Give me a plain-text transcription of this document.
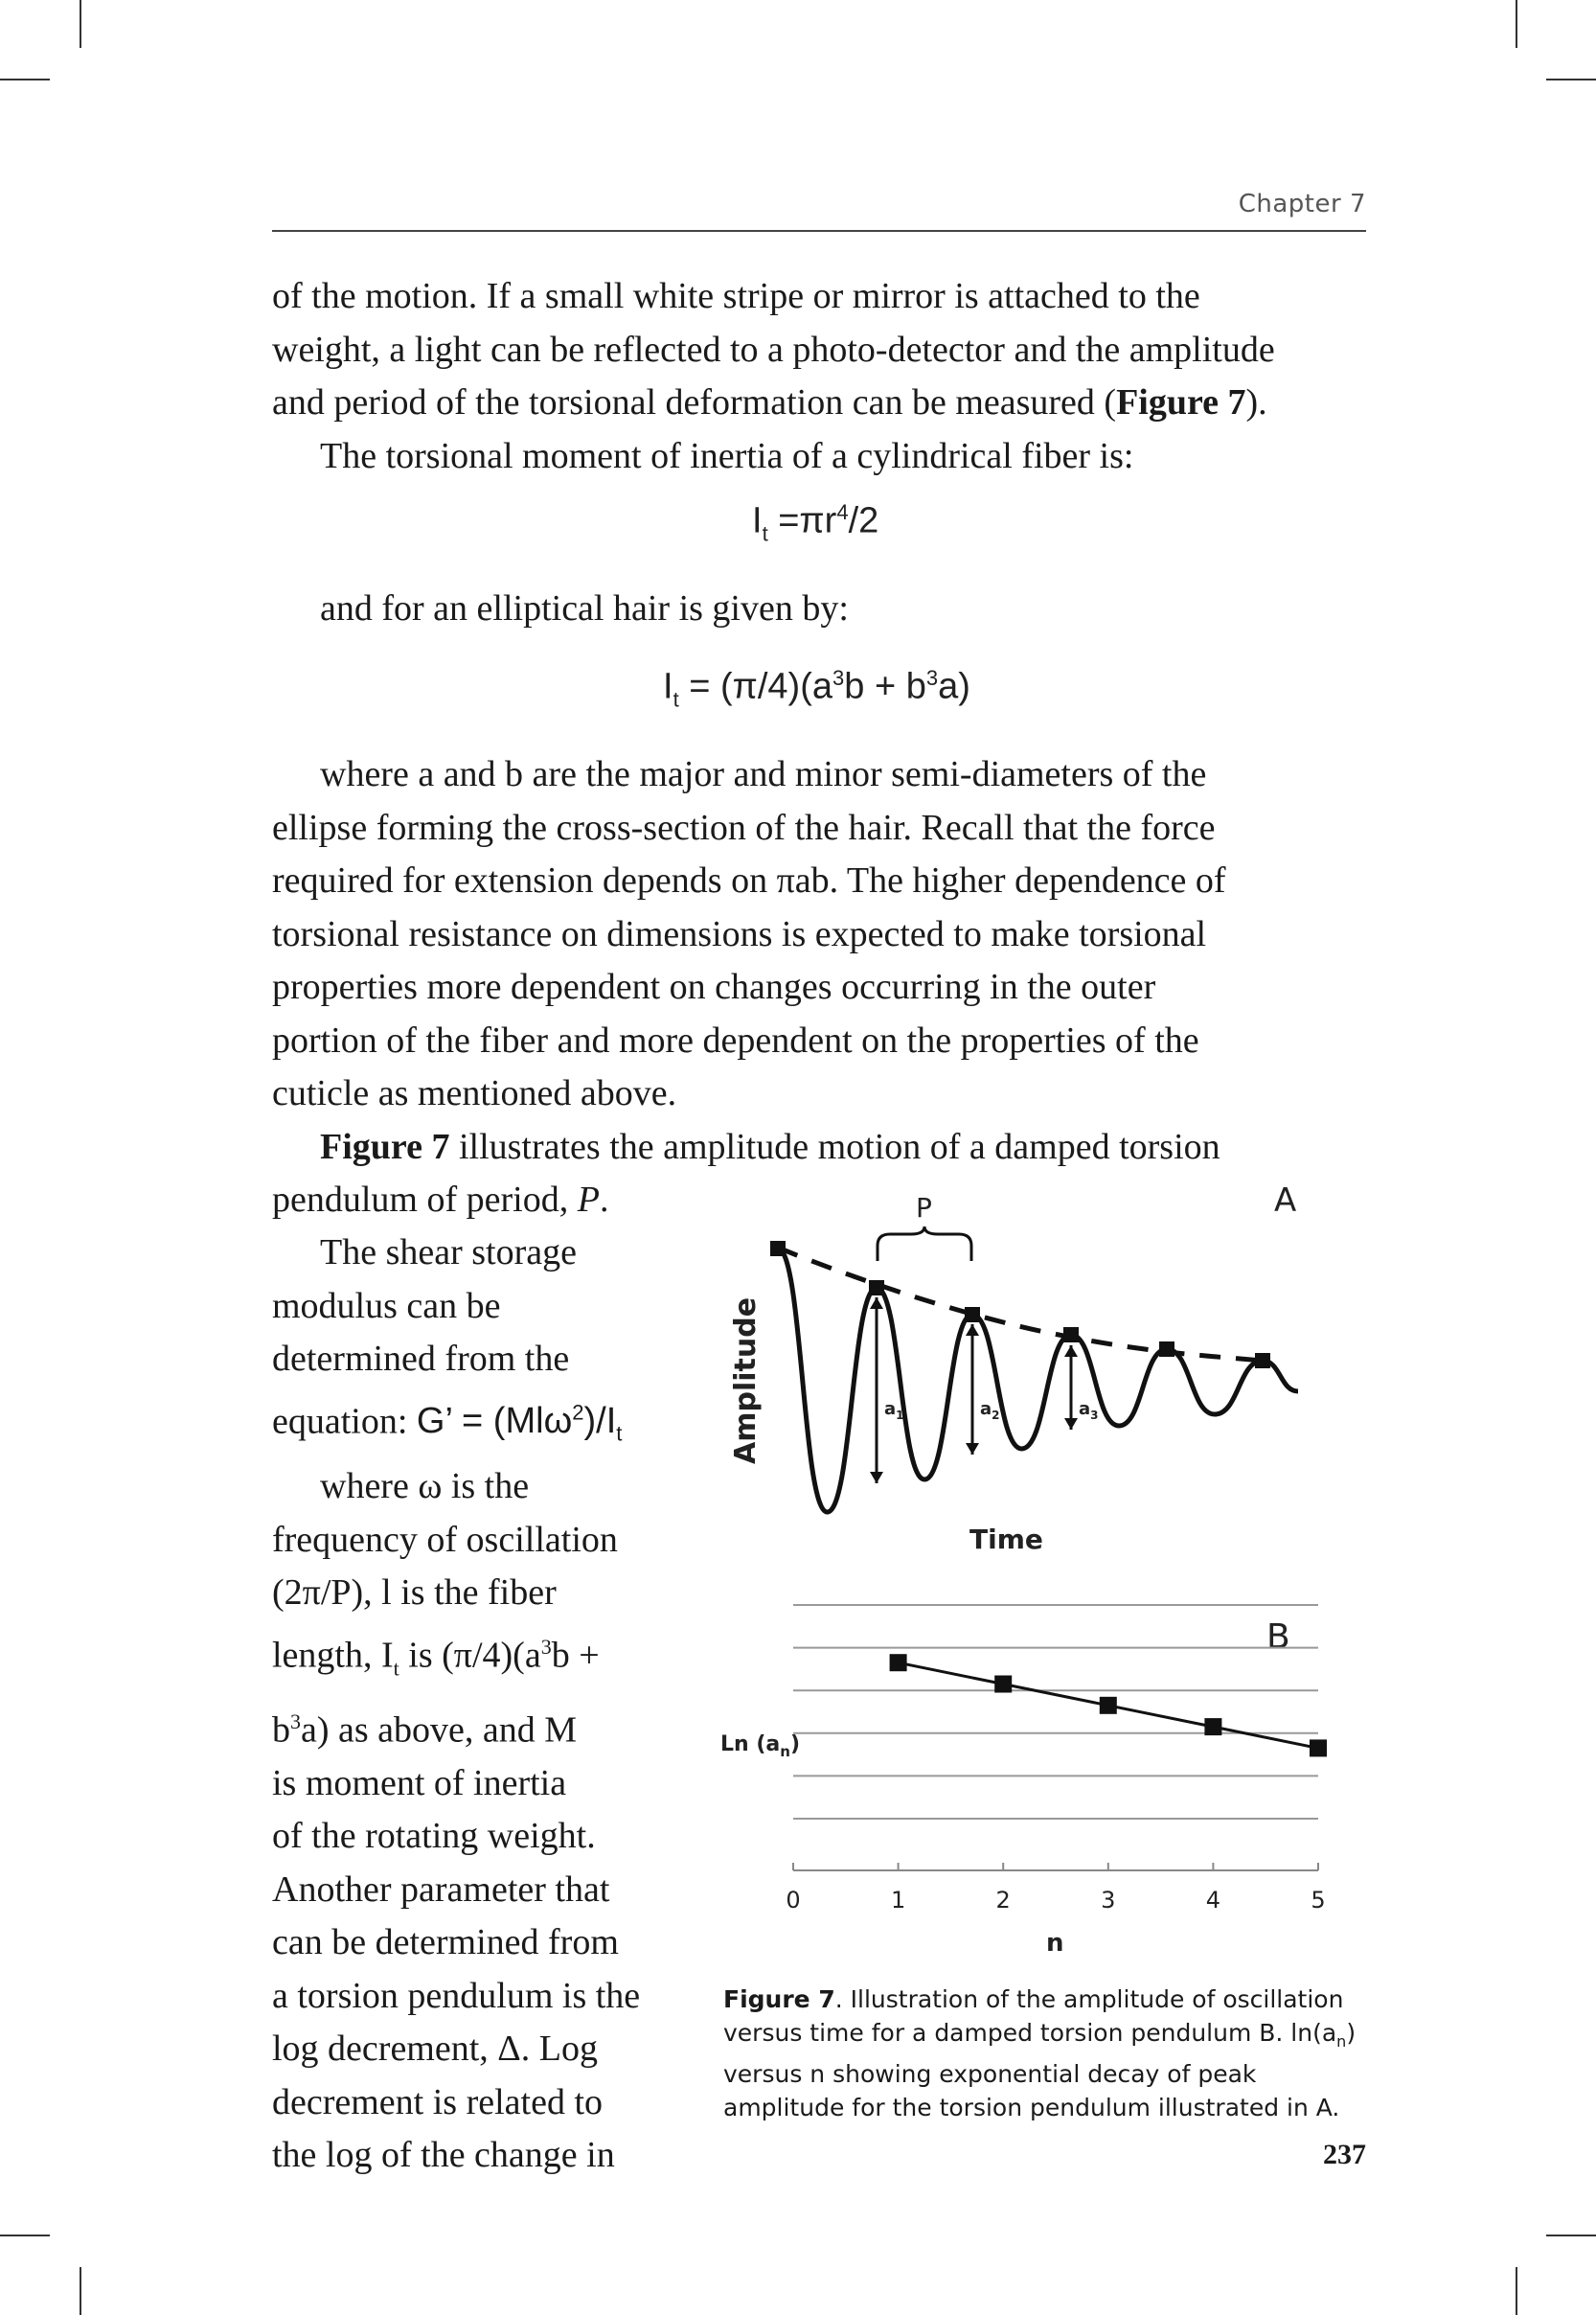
Chapter 7
of the motion. If a small white stripe or mirror is attached to the
weight, a light can be reflected to a photo-detector and the amplitude
and period of the torsional deformation can be measured (Figure 7).
The torsional moment of inertia of a cylindrical fiber is:
$I_t =\pi r^4/2$
and for an elliptical hair is given by:
$I_t = (\pi/4)(a^3b + b^3a)$
where a and b are the major and minor semi-diameters of the
ellipse forming the cross-section of the hair. Recall that the force
required for extension depends on πab. The higher dependence of
torsional resistance on dimensions is expected to make torsional
properties more dependent on changes occurring in the outer
portion of the fiber and more dependent on the properties of the
cuticle as mentioned above.
Figure 7 illustrates the amplitude motion of a damped torsion
pendulum of period, P.
The shear storage
modulus can be
determined from the
equation: G’ = $(Ml\omega^2)/I_t$
where ω is the
frequency of oscillation
(2π/P), l is the fiber
length, $I_t$ is $(\pi/4)(a^3b$ +
$b^3a$) as above, and M
is moment of inertia
of the rotating weight.
Another parameter that
can be determined from
a torsion pendulum is the
log decrement, Δ. Log
decrement is related to
the log of the change in
A
P
Amplitude
Time
$a_1$	$a_2$	$a_3$
B
Ln $(a_n)$
n
0	1	2	3	4	5
Figure 7. Illustration of the amplitude of oscillation versus time for a damped torsion pendulum B. $\ln(a_n)$ versus n showing exponential decay of peak amplitude for the torsion pendulum illustrated in A.
237
